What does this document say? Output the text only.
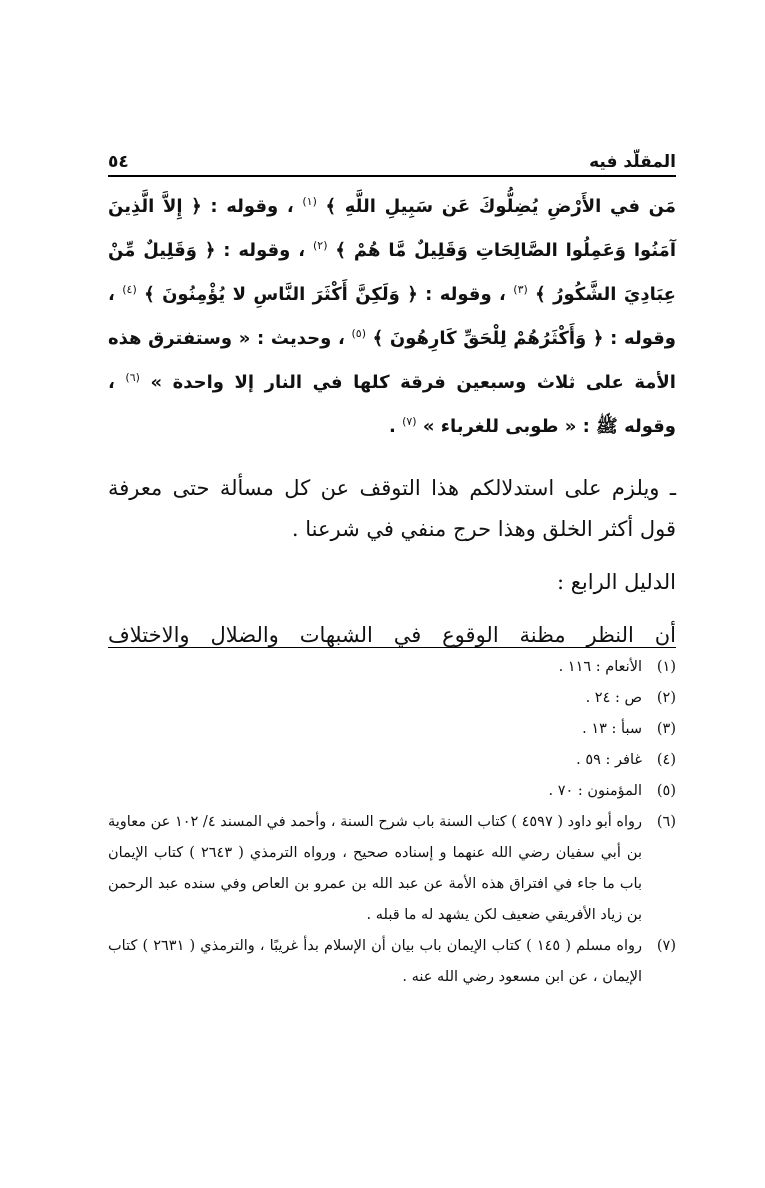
٥٤	المقلّد فيه

مَن في الأَرْضِ يُضِلُّوكَ عَن سَبِيلِ اللَّهِ ﴾ $^{(١)}$ ، وقوله : ﴿ إِلاَّ الَّذِينَ آمَنُوا وَعَمِلُوا الصَّالِحَاتِ وَقَلِيلٌ مَّا هُمْ ﴾ $^{(٢)}$ ، وقوله : ﴿ وَقَلِيلٌ مِّنْ عِبَادِيَ الشَّكُورُ ﴾ $^{(٣)}$ ، وقوله : ﴿ وَلَكِنَّ أَكْثَرَ النَّاسِ لا يُؤْمِنُونَ ﴾ $^{(٤)}$ ، وقوله : ﴿ وَأَكْثَرُهُمْ لِلْحَقِّ كَارِهُونَ ﴾ $^{(٥)}$ ، وحديث : « وستفترق هذه الأمة على ثلاث وسبعين فرقة كلها في النار إلا واحدة » $^{(٦)}$ ، وقوله ﷺ : « طوبى للغرباء » $^{(٧)}$ .

ـ ويلزم على استدلالكم هذا التوقف عن كل مسألة حتى معرفة قول أكثر الخلق وهذا حرج منفي في شرعنا .

الدليل الرابع :

أن النظر مظنة الوقوع في الشبهات والضلال والاختلاف

(١)
الأنعام : ١١٦ .
(٢)
ص : ٢٤ .
(٣)
سبأ : ١٣ .
(٤)
غافر : ٥٩ .
(٥)
المؤمنون : ٧٠ .
(٦)
رواه أبو داود ( ٤٥٩٧ ) كتاب السنة باب شرح السنة ، وأحمد في المسند ٤/ ١٠٢ عن معاوية بن أبي سفيان رضي الله عنهما و إسناده صحيح ، ورواه الترمذي ( ٢٦٤٣ ) كتاب الإيمان باب ما جاء في افتراق هذه الأمة عن عبد الله بن عمرو بن العاص وفي سنده عبد الرحمن بن زياد الأفريقي ضعيف لكن يشهد له ما قبله .
(٧)
رواه مسلم ( ١٤٥ ) كتاب الإيمان باب بيان أن الإسلام بدأ غريبًا ، والترمذي ( ٢٦٣١ ) كتاب الإيمان ، عن ابن مسعود رضي الله عنه .
